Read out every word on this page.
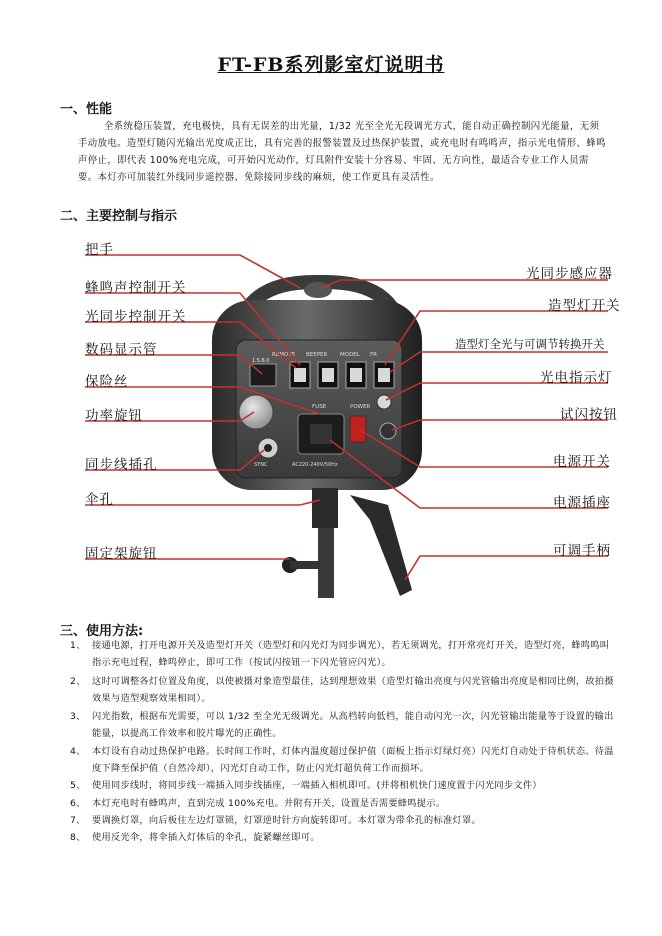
FT-FB系列影室灯说明书
一、性能
全系统稳压装置，充电极快，具有无误差的出光量，1/32 光至全光无段调光方式，能自动正确控制闪光能量，无须手动放电。造型灯随闪光输出光度成正比，具有完善的报警装置及过热保护装置，或充电时有鸣鸣声，指示光电情形、蜂鸣声停止，即代表 100%充电完成，可开始闪光动作，灯具附件安装十分容易、牢固、无方向性，最适合专业工作人员需要。本灯亦可加装红外线同步遥控器、免除接同步线的麻烦，使工作更具有灵活性。
二、主要控制与指示
REMOTE BEEPER MODEL FR
1.5.6.0
FUSE	POWER
SYNC	AC220-240V/50Hz
把手
蜂鸣声控制开关
光同步控制开关
数码显示管
保险丝
功率旋钮
同步线插孔
伞孔
固定架旋钮
光同步感应器
造型灯开关
造型灯全光与可调节转换开关
光电指示灯
试闪按钮
电源开关
电源插座
可调手柄
三、使用方法:
1、 接通电源，打开电源开关及造型灯开关（造型灯和闪光灯为同步调光），若无须调光，打开常亮灯开关，造型灯亮，蜂鸣鸣叫指示充电过程，蜂鸣停止，即可工作（按试闪按钮一下闪光管应闪光）。
2、 这时可调整各灯位置及角度，以使被摄对象造型最佳，达到理想效果（造型灯输出亮度与闪光管输出亮度是相同比例，故拍摄效果与造型观察效果相同）。
3、 闪光指数，根据布光需要，可以 1/32 至全光无级调光。从高档转向低档，能自动闪光一次，闪光管输出能量等于设置的输出能量，以提高工作效率和胶片曝光的正确性。
4、 本灯设有自动过热保护电路。长时间工作时，灯体内温度超过保护值（面板上指示灯绿灯亮）闪光灯自动处于待机状态。待温度下降至保护值（自然冷却），闪光灯自动工作，防止闪光灯超负荷工作而损坏。
5、 使用同步线时，将同步线一端插入同步线插座，一端插入相机即可。(并将相机快门速度置于闪光同步文件）
6、 本灯充电时有蜂鸣声，直到完成 100%充电。并附有开关，设置是否需要蜂鸣提示。
7、 要调换灯罩，向后板住左边灯罩锁，灯罩逆时针方向旋转即可。本灯罩为带伞孔的标准灯罩。
8、 使用反光伞，将伞插入灯体后的伞孔，旋紧螺丝即可。
